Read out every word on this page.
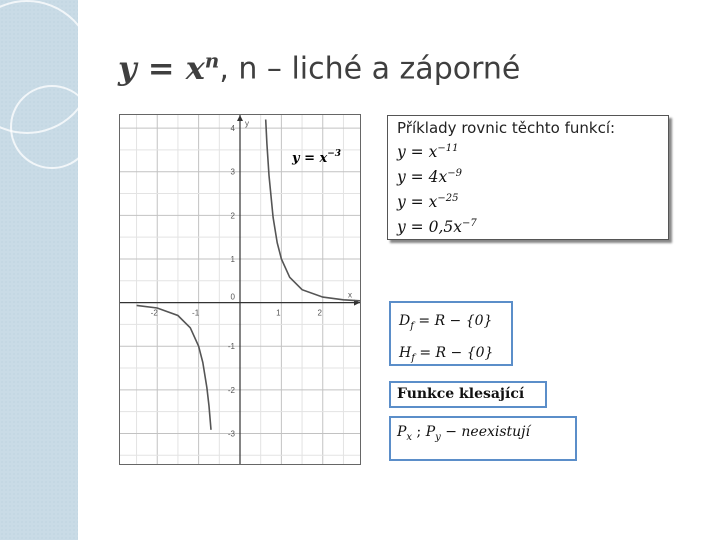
$y = x^n$, n – liché a záporné
-2	-1	1	2
4
3
2
1
-1
-2
-3
0	x
y
$y = x^{-3}$
Příklady rovnic těchto funkcí:
$y = x^{-11}$
$y = 4x^{-9}$
$y = x^{-25}$
$y = 0,5x^{-7}$
$D_f = R - \{0\}$
$H_f = R - \{0\}$
Funkce klesající
$P_x$ ; $P_y$ − neexistují
